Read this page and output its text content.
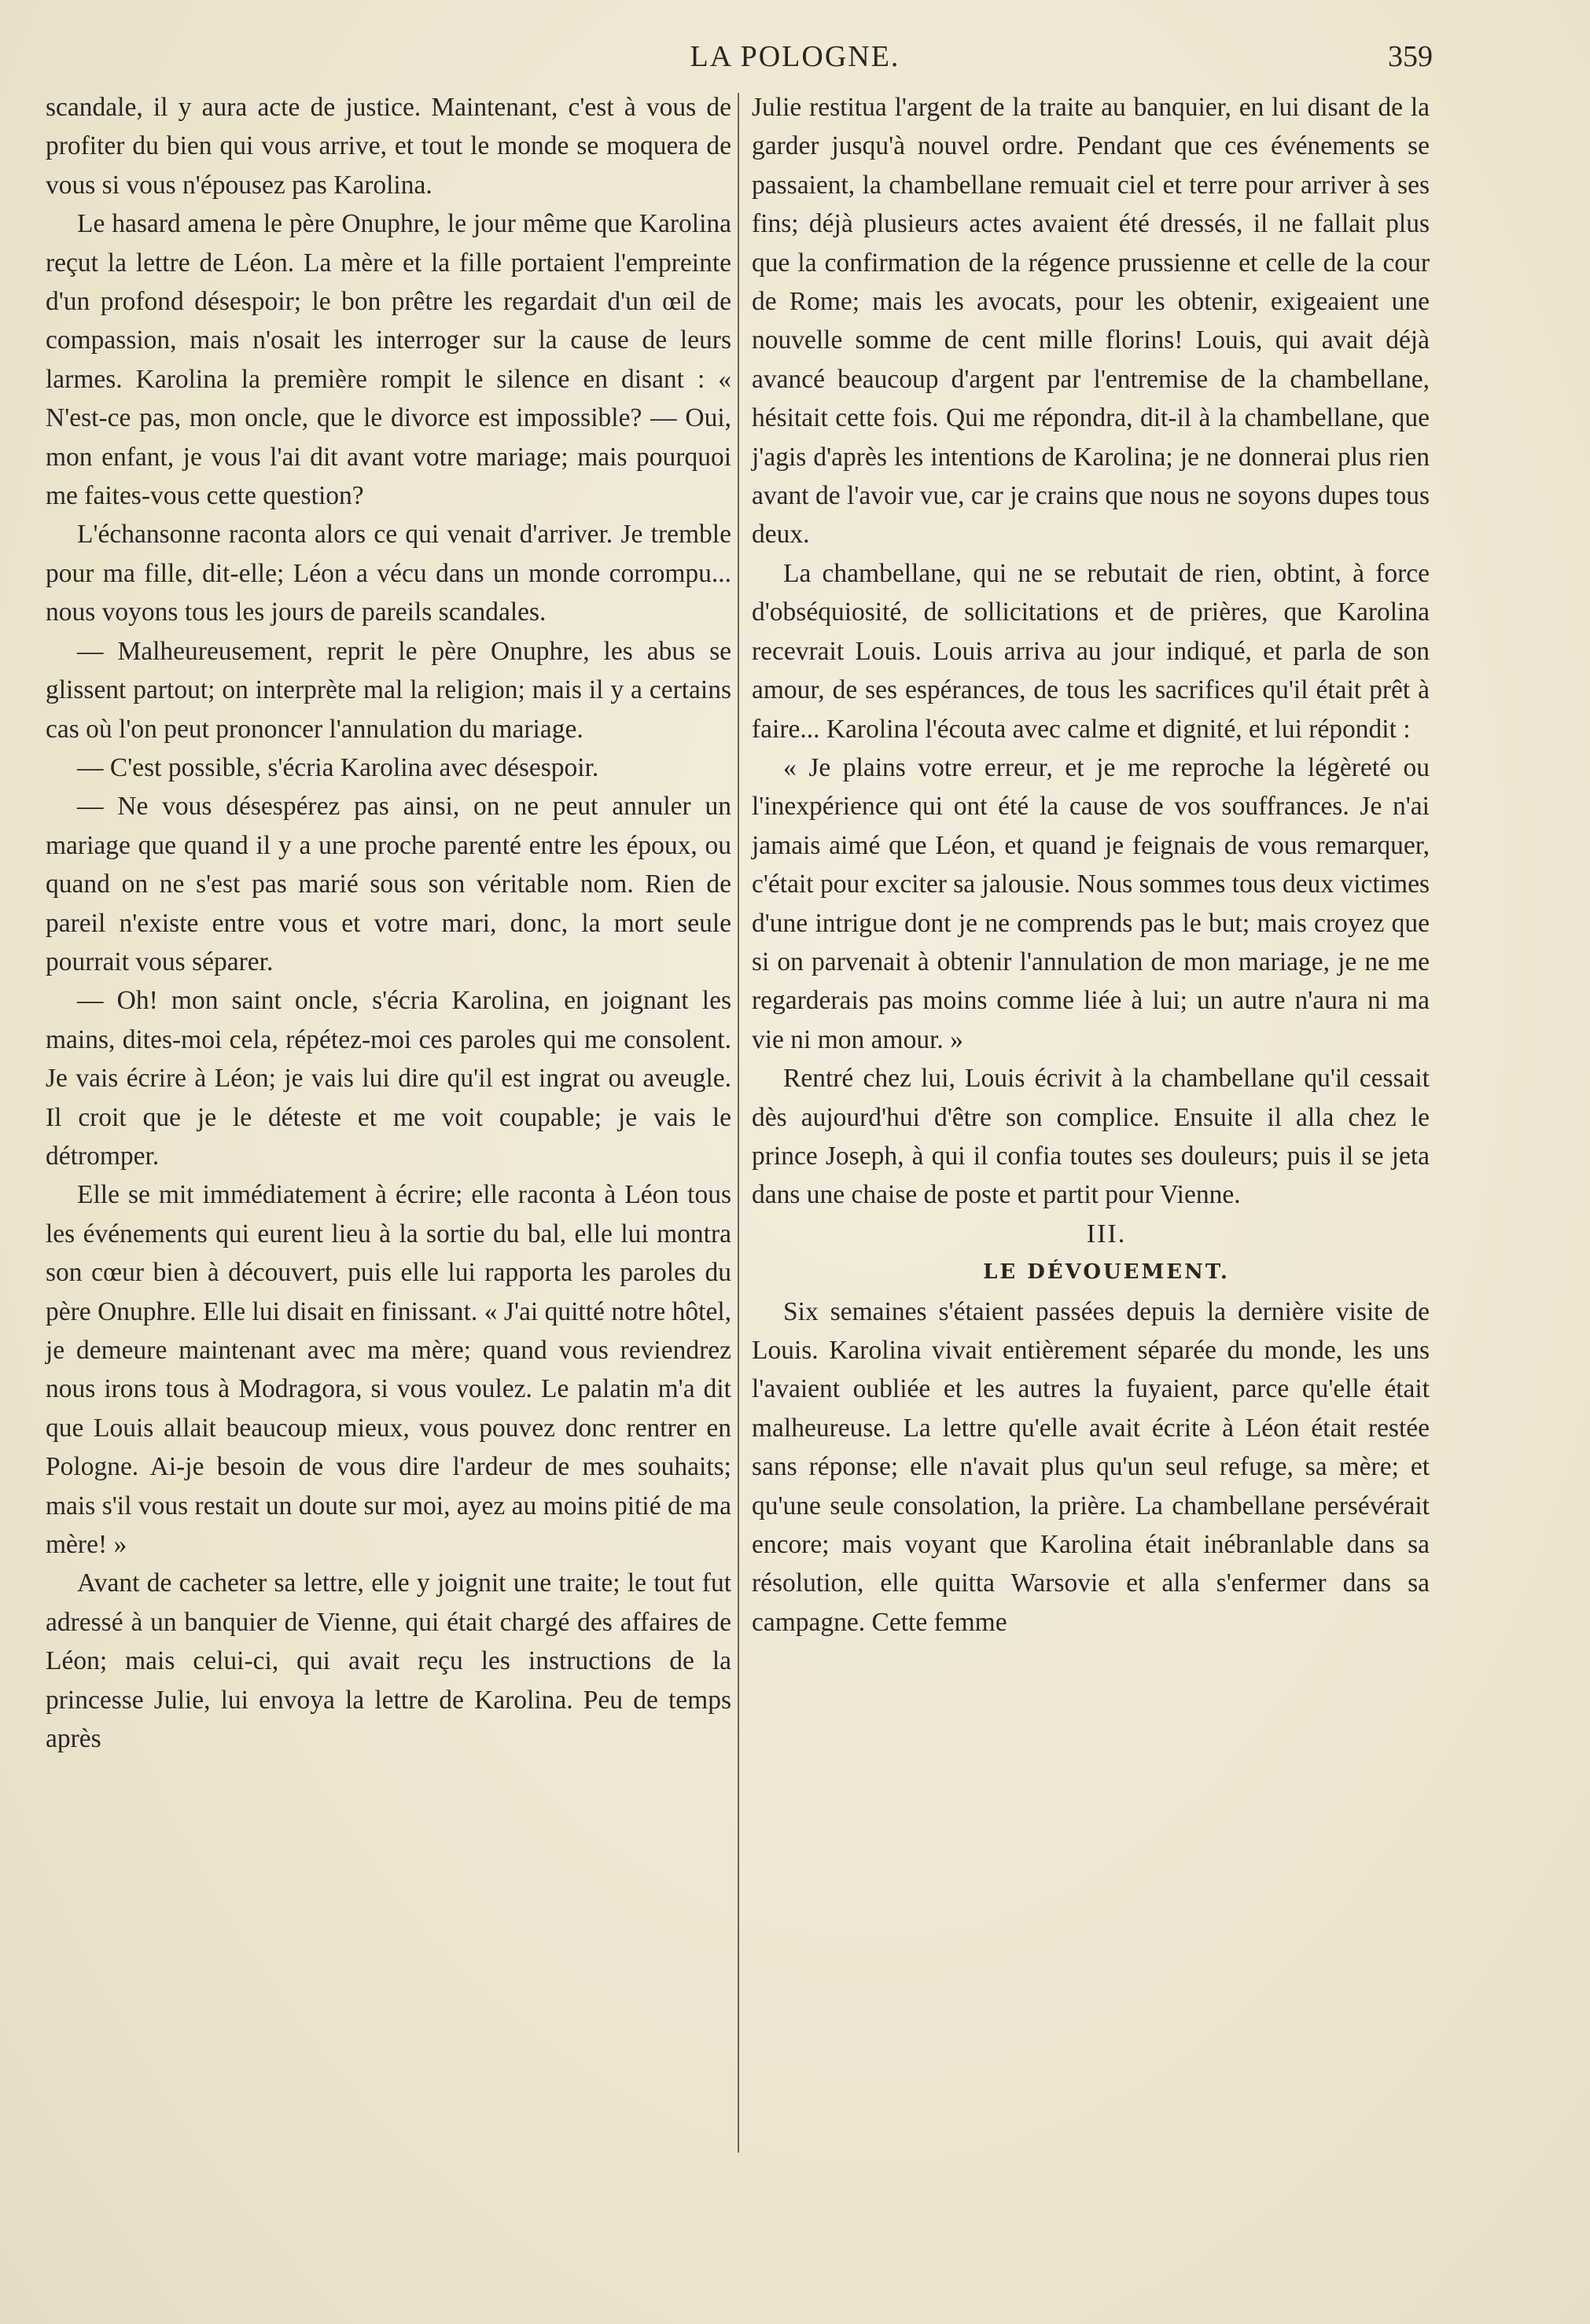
LA POLOGNE.	359

scandale, il y aura acte de justice. Maintenant, c'est à vous de profiter du bien qui vous arrive, et tout le monde se moquera de vous si vous n'épousez pas Karolina.

Le hasard amena le père Onuphre, le jour même que Karolina reçut la lettre de Léon. La mère et la fille portaient l'empreinte d'un profond désespoir; le bon prêtre les regardait d'un œil de compassion, mais n'osait les interroger sur la cause de leurs larmes. Karolina la première rompit le silence en disant : « N'est-ce pas, mon oncle, que le divorce est impossible? — Oui, mon enfant, je vous l'ai dit avant votre mariage; mais pourquoi me faites-vous cette question?

L'échansonne raconta alors ce qui venait d'arriver. Je tremble pour ma fille, dit-elle; Léon a vécu dans un monde corrompu... nous voyons tous les jours de pareils scandales.

— Malheureusement, reprit le père Onuphre, les abus se glissent partout; on interprète mal la religion; mais il y a certains cas où l'on peut prononcer l'annulation du mariage.

— C'est possible, s'écria Karolina avec désespoir.

— Ne vous désespérez pas ainsi, on ne peut annuler un mariage que quand il y a une proche parenté entre les époux, ou quand on ne s'est pas marié sous son véritable nom. Rien de pareil n'existe entre vous et votre mari, donc, la mort seule pourrait vous séparer.

— Oh! mon saint oncle, s'écria Karolina, en joignant les mains, dites-moi cela, répétez-moi ces paroles qui me consolent. Je vais écrire à Léon; je vais lui dire qu'il est ingrat ou aveugle. Il croit que je le déteste et me voit coupable; je vais le détromper.

Elle se mit immédiatement à écrire; elle raconta à Léon tous les événements qui eurent lieu à la sortie du bal, elle lui montra son cœur bien à découvert, puis elle lui rapporta les paroles du père Onuphre. Elle lui disait en finissant. « J'ai quitté notre hôtel, je demeure maintenant avec ma mère; quand vous reviendrez nous irons tous à Modragora, si vous voulez. Le palatin m'a dit que Louis allait beaucoup mieux, vous pouvez donc rentrer en Pologne. Ai-je besoin de vous dire l'ardeur de mes souhaits; mais s'il vous restait un doute sur moi, ayez au moins pitié de ma mère! »

Avant de cacheter sa lettre, elle y joignit une traite; le tout fut adressé à un banquier de Vienne, qui était chargé des affaires de Léon; mais celui-ci, qui avait reçu les instructions de la princesse Julie, lui envoya la lettre de Karolina. Peu de temps après

Julie restitua l'argent de la traite au banquier, en lui disant de la garder jusqu'à nouvel ordre. Pendant que ces événements se passaient, la chambellane remuait ciel et terre pour arriver à ses fins; déjà plusieurs actes avaient été dressés, il ne fallait plus que la confirmation de la régence prussienne et celle de la cour de Rome; mais les avocats, pour les obtenir, exigeaient une nouvelle somme de cent mille florins! Louis, qui avait déjà avancé beaucoup d'argent par l'entremise de la chambellane, hésitait cette fois. Qui me répondra, dit-il à la chambellane, que j'agis d'après les intentions de Karolina; je ne donnerai plus rien avant de l'avoir vue, car je crains que nous ne soyons dupes tous deux.

La chambellane, qui ne se rebutait de rien, obtint, à force d'obséquiosité, de sollicitations et de prières, que Karolina recevrait Louis. Louis arriva au jour indiqué, et parla de son amour, de ses espérances, de tous les sacrifices qu'il était prêt à faire... Karolina l'écouta avec calme et dignité, et lui répondit :

« Je plains votre erreur, et je me reproche la légèreté ou l'inexpérience qui ont été la cause de vos souffrances. Je n'ai jamais aimé que Léon, et quand je feignais de vous remarquer, c'était pour exciter sa jalousie. Nous sommes tous deux victimes d'une intrigue dont je ne comprends pas le but; mais croyez que si on parvenait à obtenir l'annulation de mon mariage, je ne me regarderais pas moins comme liée à lui; un autre n'aura ni ma vie ni mon amour. »

Rentré chez lui, Louis écrivit à la chambellane qu'il cessait dès aujourd'hui d'être son complice. Ensuite il alla chez le prince Joseph, à qui il confia toutes ses douleurs; puis il se jeta dans une chaise de poste et partit pour Vienne.

III.

LE DÉVOUEMENT.

Six semaines s'étaient passées depuis la dernière visite de Louis. Karolina vivait entièrement séparée du monde, les uns l'avaient oubliée et les autres la fuyaient, parce qu'elle était malheureuse. La lettre qu'elle avait écrite à Léon était restée sans réponse; elle n'avait plus qu'un seul refuge, sa mère; et qu'une seule consolation, la prière. La chambellane persévérait encore; mais voyant que Karolina était inébranlable dans sa résolution, elle quitta Warsovie et alla s'enfermer dans sa campagne. Cette femme
